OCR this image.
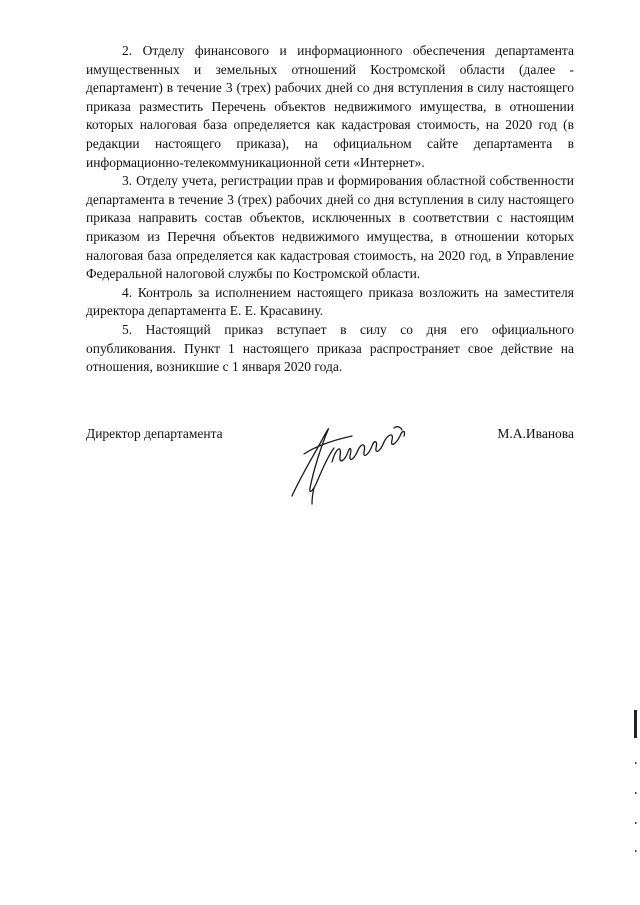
2. Отделу финансового и информационного обеспечения департамента имущественных и земельных отношений Костромской области (далее - департамент) в течение 3 (трех) рабочих дней со дня вступления в силу настоящего приказа разместить Перечень объектов недвижимого имущества, в отношении которых налоговая база определяется как кадастровая стоимость, на 2020 год (в редакции настоящего приказа), на официальном сайте департамента в информационно-телекоммуникационной сети «Интернет».

3. Отделу учета, регистрации прав и формирования областной собственности департамента в течение 3 (трех) рабочих дней со дня вступления в силу настоящего приказа направить состав объектов, исключенных в соответствии с настоящим приказом из Перечня объектов недвижимого имущества, в отношении которых налоговая база определяется как кадастровая стоимость, на 2020 год, в Управление Федеральной налоговой службы по Костромской области.

4. Контроль за исполнением настоящего приказа возложить на заместителя директора департамента Е. Е. Красавину.

5. Настоящий приказ вступает в силу со дня его официального опубликования. Пункт 1 настоящего приказа распространяет свое действие на отношения, возникшие с 1 января 2020 года.

Директор департамента	М.А.Иванова
